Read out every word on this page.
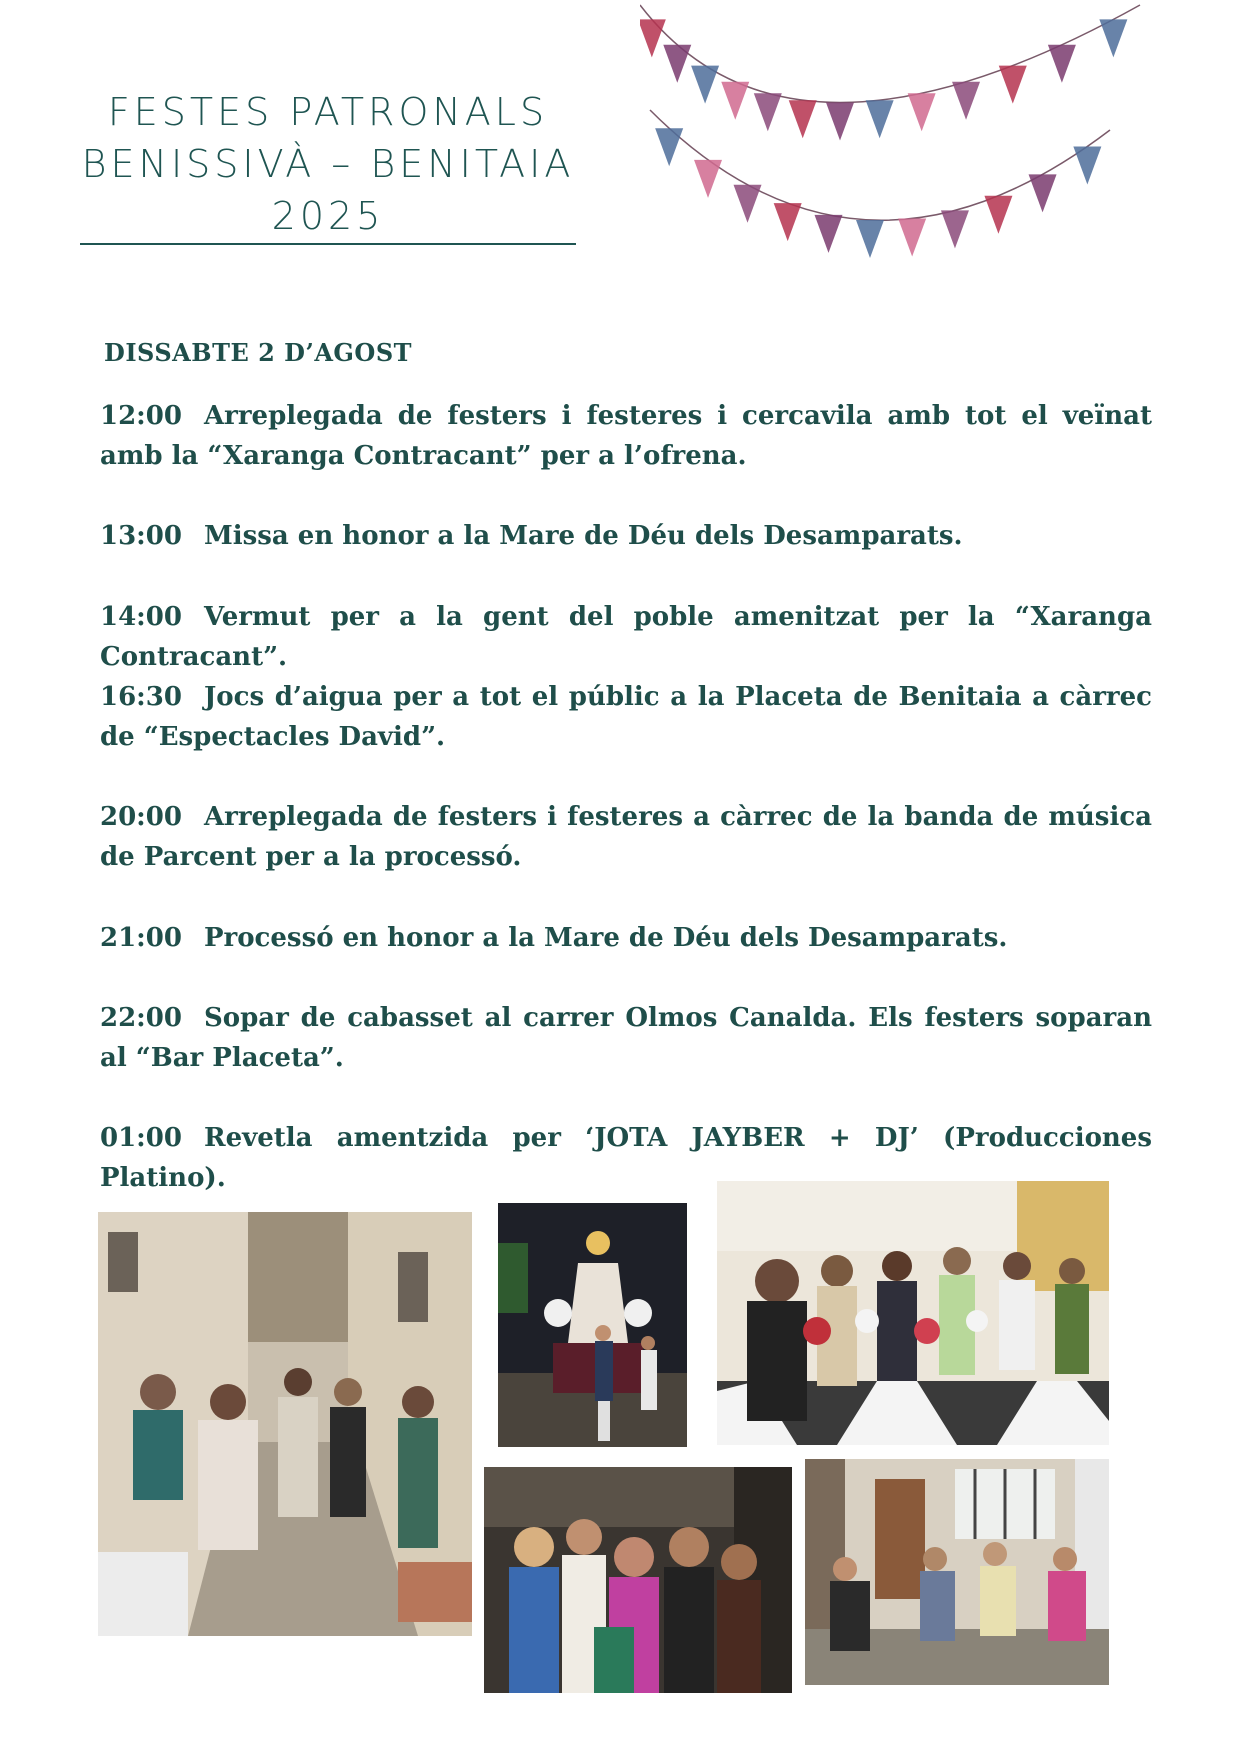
FESTES PATRONALS
BENISSIVÀ – BENITAIA
2025
DISSABTE 2 D’AGOST
12:00 Arreplegada de festers i festeres i cercavila amb tot el veïnat amb la “Xaranga Contracant” per a l’ofrena.
13:00 Missa en honor a la Mare de Déu dels Desamparats.
14:00 Vermut per a la gent del poble amenitzat per la “Xaranga Contracant”.
16:30 Jocs d’aigua per a tot el públic a la Placeta de Benitaia a càrrec de “Espectacles David”.
20:00 Arreplegada de festers i festeres a càrrec de la banda de música de Parcent per a la processó.
21:00 Processó en honor a la Mare de Déu dels Desamparats.
22:00 Sopar de cabasset al carrer Olmos Canalda. Els festers soparan al “Bar Placeta”.
01:00 Revetla amentzida per ‘JOTA JAYBER + DJ’ (Producciones Platino).
